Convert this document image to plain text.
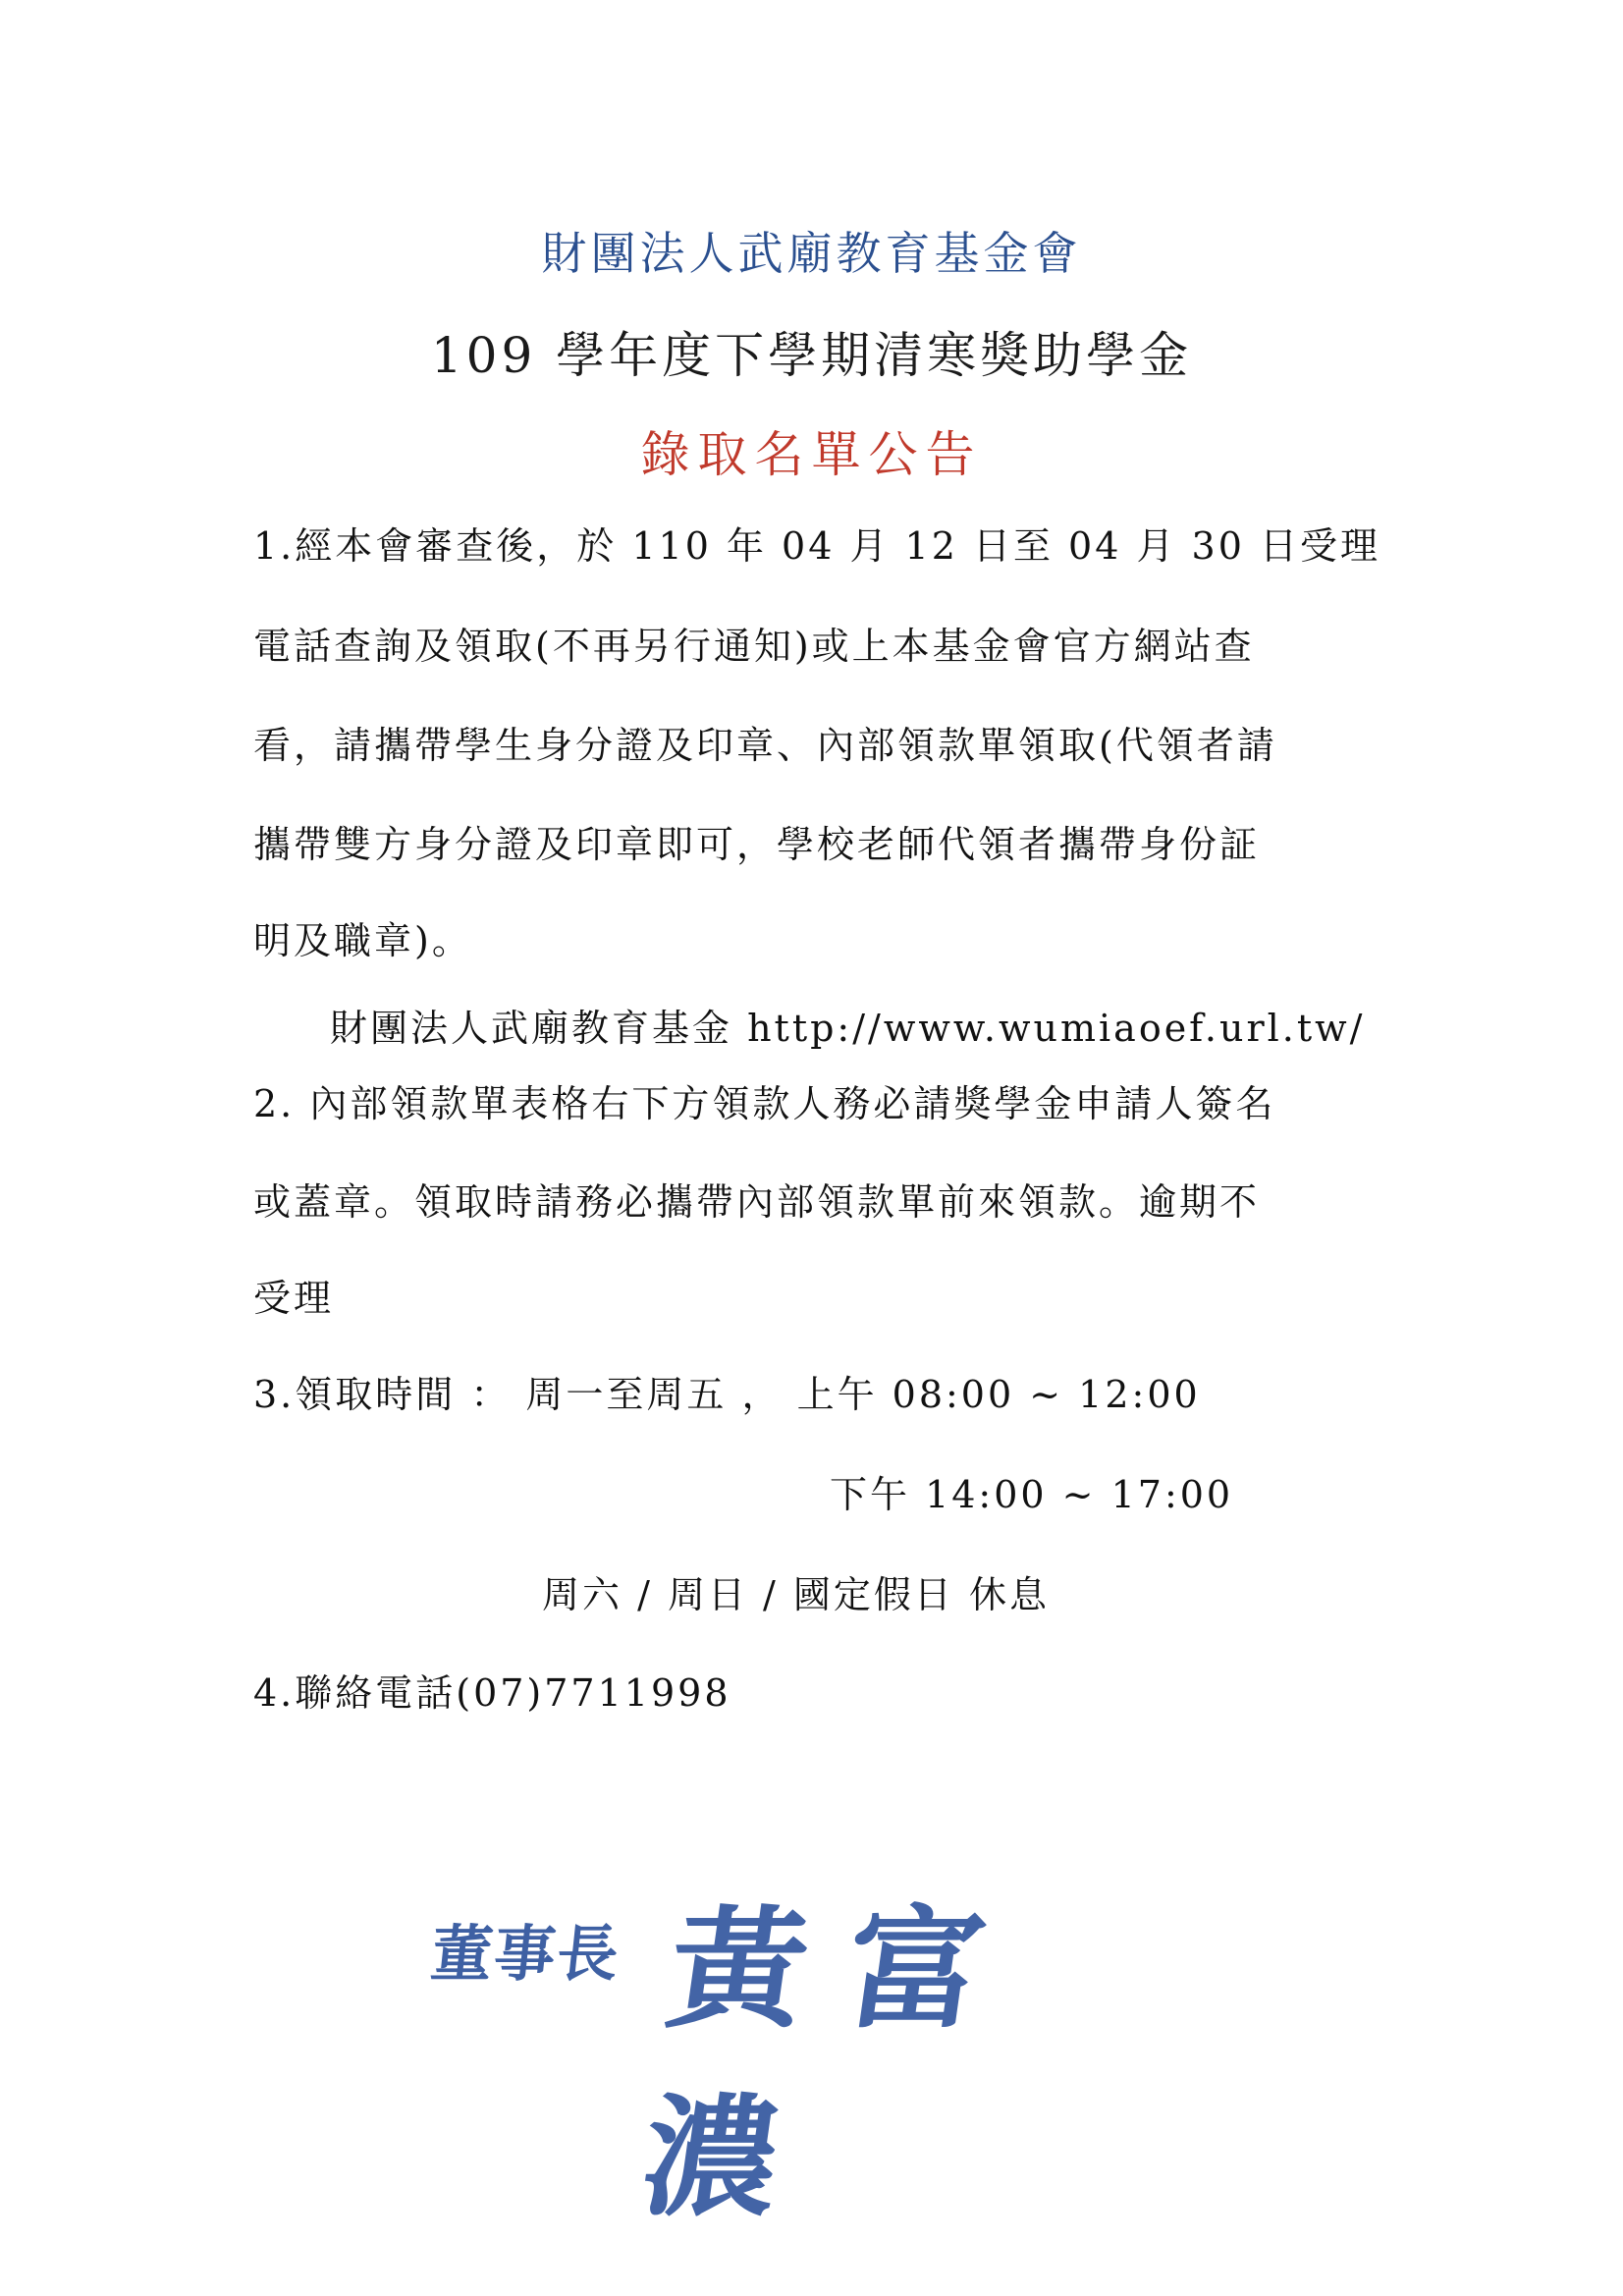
財團法人武廟教育基金會
109 學年度下學期清寒獎助學金
錄取名單公告
1.經本會審查後，於 110 年 04 月 12 日至 04 月 30 日受理
電話查詢及領取(不再另行通知)或上本基金會官方網站查
看，請攜帶學生身分證及印章、內部領款單領取(代領者請
攜帶雙方身分證及印章即可，學校老師代領者攜帶身份証
明及職章)。
財團法人武廟教育基金 http://www.wumiaoef.url.tw/
2. 內部領款單表格右下方領款人務必請獎學金申請人簽名
或蓋章。領取時請務必攜帶內部領款單前來領款。逾期不
受理
3.領取時間 ： 周一至周五 ， 上午 08:00 ~ 12:00
下午 14:00 ~ 17:00
周六 / 周日 / 國定假日 休息
4.聯絡電話(07)7711998
董事長 黃富濃
